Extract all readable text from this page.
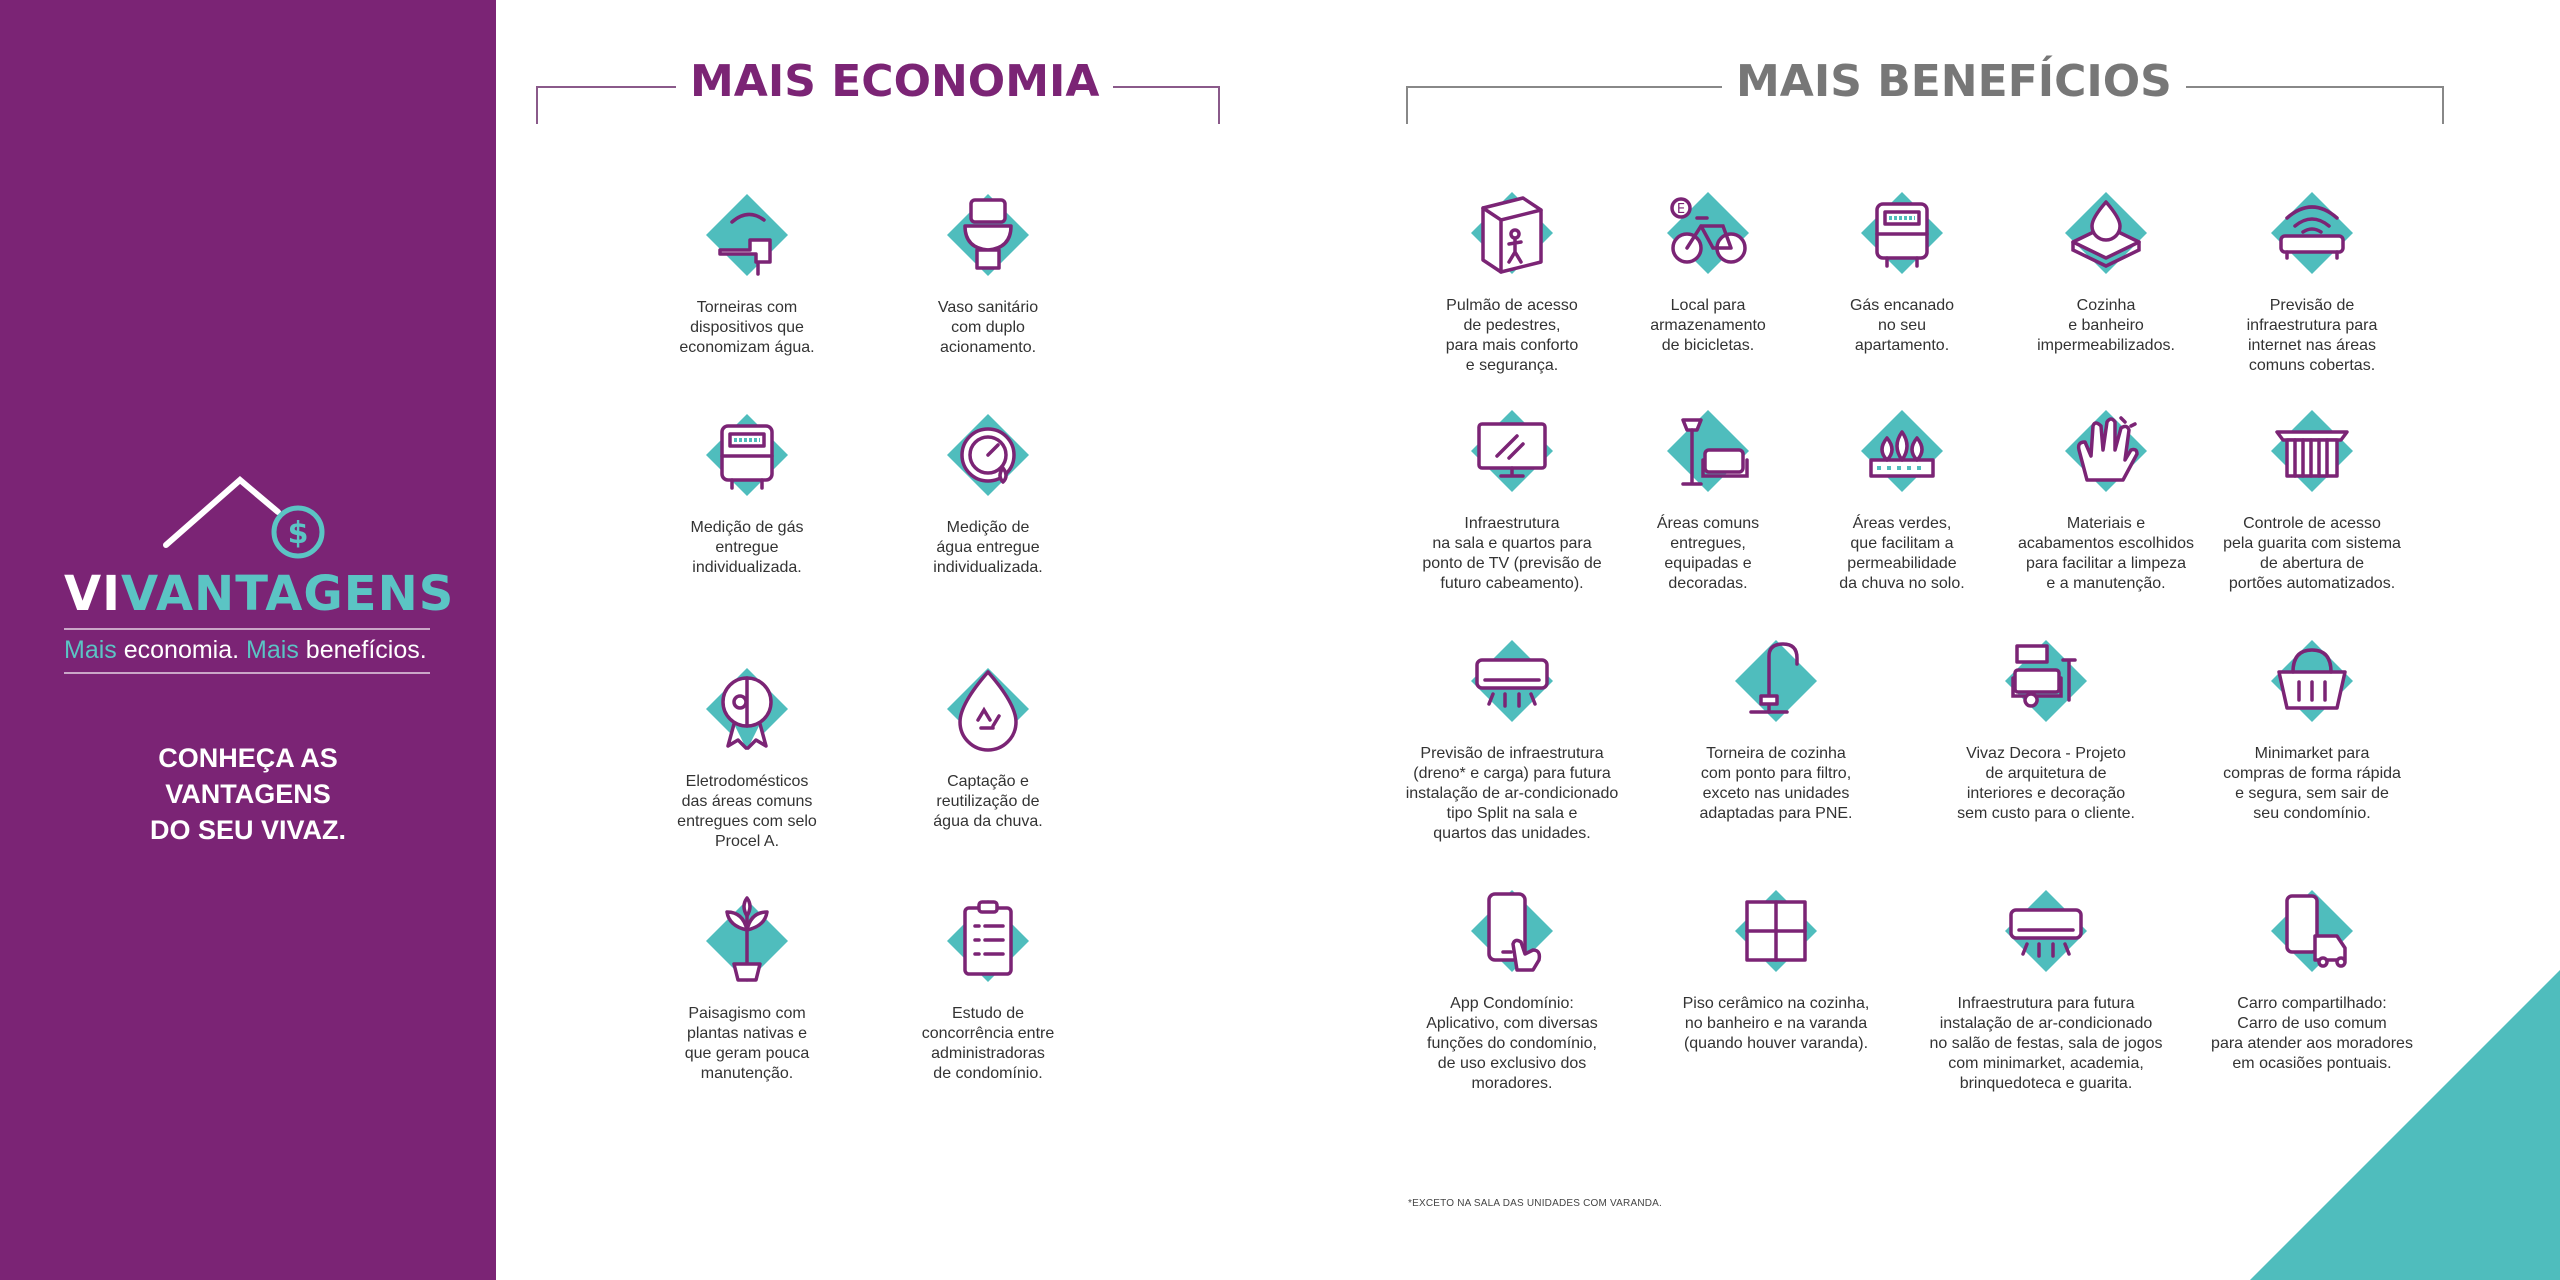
$
VIVANTAGENS
Mais economia. Mais benefícios.
CONHEÇA AS
VANTAGENS
DO SEU VIVAZ.
MAIS ECONOMIA	MAIS BENEFÍCIOS
Torneiras com
dispositivos que
economizam água.
Vaso sanitário
com duplo
acionamento.
Medição de gás
entregue
individualizada.
Medição de
água entregue
individualizada.
Eletrodomésticos
das áreas comuns
entregues com selo
Procel A.
Captação e
reutilização de
água da chuva.
Paisagismo com
plantas nativas e
que geram pouca
manutenção.
Estudo de
concorrência entre
administradoras
de condomínio.
Pulmão de acesso
de pedestres,
para mais conforto
e segurança.
E
Local para
armazenamento
de bicicletas.
Gás encanado
no seu
apartamento.
Cozinha
e banheiro
impermeabilizados.
Previsão de
infraestrutura para
internet nas áreas
comuns cobertas.
Infraestrutura
na sala e quartos para
ponto de TV (previsão de
futuro cabeamento).
Áreas comuns
entregues,
equipadas e
decoradas.
Áreas verdes,
que facilitam a
permeabilidade
da chuva no solo.
Materiais e
acabamentos escolhidos
para facilitar a limpeza
e a manutenção.
Controle de acesso
pela guarita com sistema
de abertura de
portões automatizados.
Previsão de infraestrutura
(dreno* e carga) para futura
instalação de ar-condicionado
tipo Split na sala e
quartos das unidades.
Torneira de cozinha
com ponto para filtro,
exceto nas unidades
adaptadas para PNE.
Vivaz Decora - Projeto
de arquitetura de
interiores e decoração
sem custo para o cliente.
Minimarket para
compras de forma rápida
e segura, sem sair de
seu condomínio.
App Condomínio:
Aplicativo, com diversas
funções do condomínio,
de uso exclusivo dos
moradores.
Piso cerâmico na cozinha,
no banheiro e na varanda
(quando houver varanda).
Infraestrutura para futura
instalação de ar-condicionado
no salão de festas, sala de jogos
com minimarket, academia,
brinquedoteca e guarita.
Carro compartilhado:
Carro de uso comum
para atender aos moradores
em ocasiões pontuais.
*EXCETO NA SALA DAS UNIDADES COM VARANDA.
